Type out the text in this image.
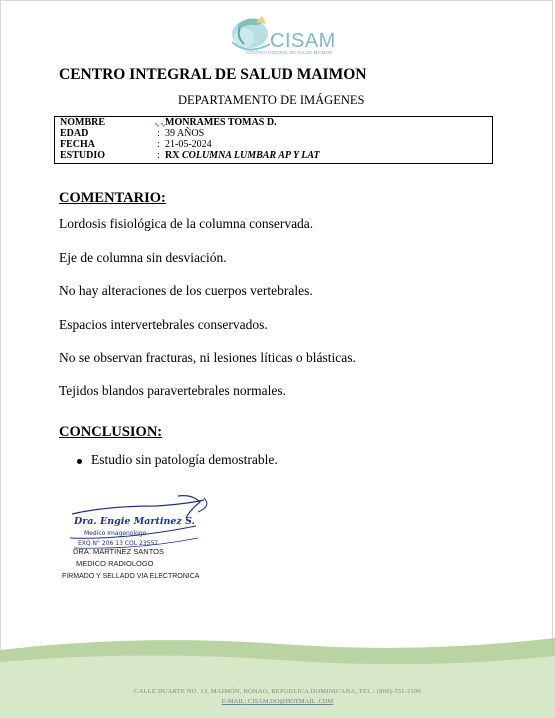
CISAM
CENTRO INTEGRAL DE SALUD MAIMON
CENTRO INTEGRAL DE SALUD MAIMON
DEPARTAMENTO DE IMÁGENES
NOMBRE	∿∿ MONRAMES TOMAS D.
EDAD	: 39 AÑOS
FECHA	: 21-05-2024
ESTUDIO	: RX COLUMNA LUMBAR AP Y LAT
COMENTARIO:
Lordosis fisiológica de la columna conservada.
Eje de columna sin desviación.
No hay alteraciones de los cuerpos vertebrales.
Espacios intervertebrales conservados.
No se observan fracturas, ni lesiones líticas o blásticas.
Tejidos blandos paravertebrales normales.
CONCLUSION:
Estudio sin patología demostrable.
Dra. Engie Martinez S.
Medico Imagenologo
EXQ N° 206 13 COL 23557
DRA. MARTINEZ SANTOS
MEDICO RADIOLOGO
FIRMADO Y SELLADO VIA ELECTRONICA
CALLE DUARTE NO. 13, MAIMÓN, BONAO, REPUBLICA DOMINICANA, TEL.: (809)-551-2196
E-MAIL: CISAM.DO@HOTMAIL .COM
